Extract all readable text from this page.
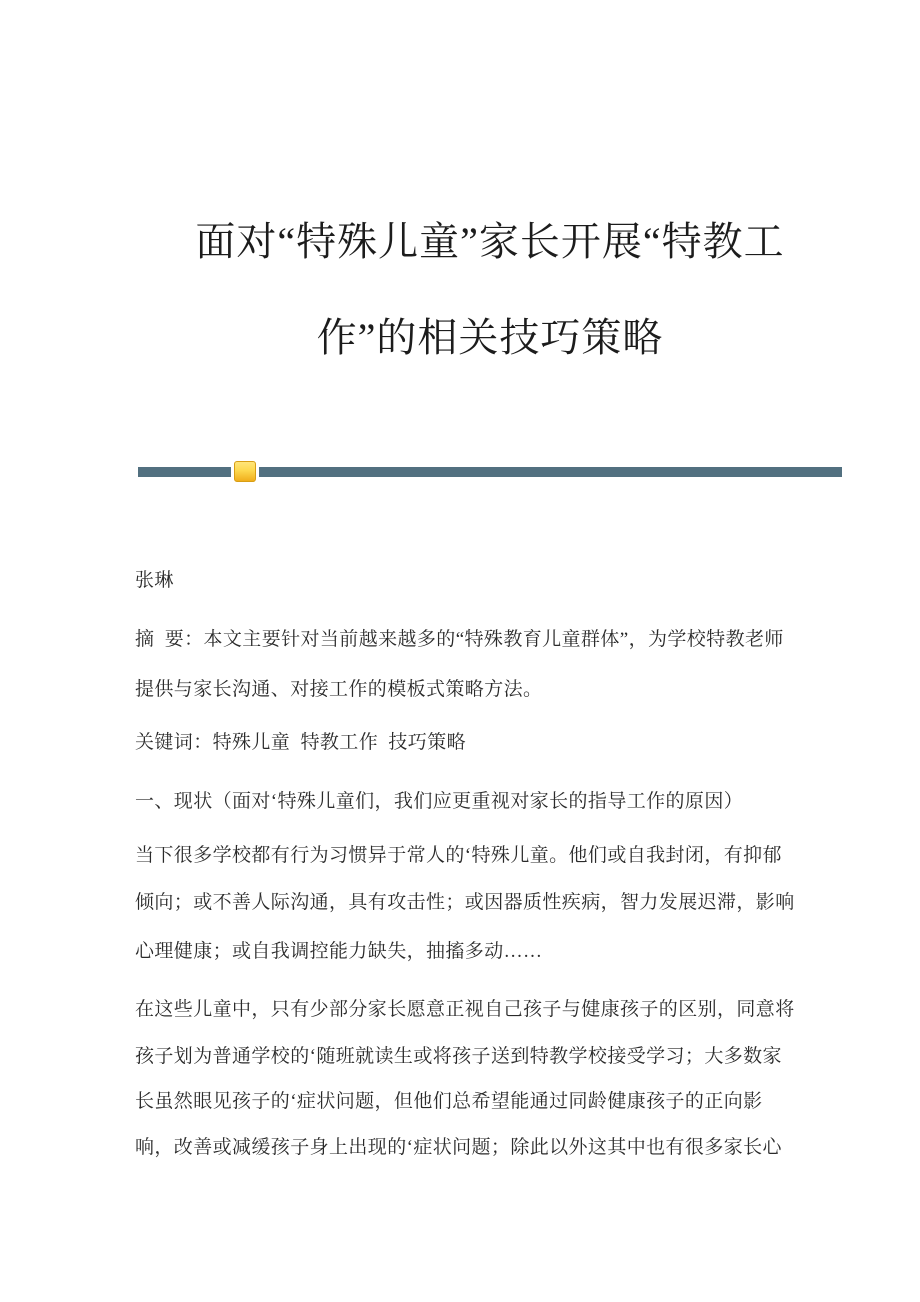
面对“特殊儿童”家长开展“特教工
作”的相关技巧策略

张琳

摘  要：本文主要针对当前越来越多的“特殊教育儿童群体”，为学校特教老师

提供与家长沟通、对接工作的模板式策略方法。

关键词：特殊儿童  特教工作  技巧策略

一、现状（面对‘特殊儿童们，我们应更重视对家长的指导工作的原因）

当下很多学校都有行为习惯异于常人的‘特殊儿童。他们或自我封闭，有抑郁

倾向；或不善人际沟通，具有攻击性；或因器质性疾病，智力发展迟滞，影响

心理健康；或自我调控能力缺失，抽搐多动……

在这些儿童中，只有少部分家长愿意正视自己孩子与健康孩子的区别，同意将

孩子划为普通学校的‘随班就读生或将孩子送到特教学校接受学习；大多数家

长虽然眼见孩子的‘症状问题，但他们总希望能通过同龄健康孩子的正向影

响，改善或减缓孩子身上出现的‘症状问题；除此以外这其中也有很多家长心
